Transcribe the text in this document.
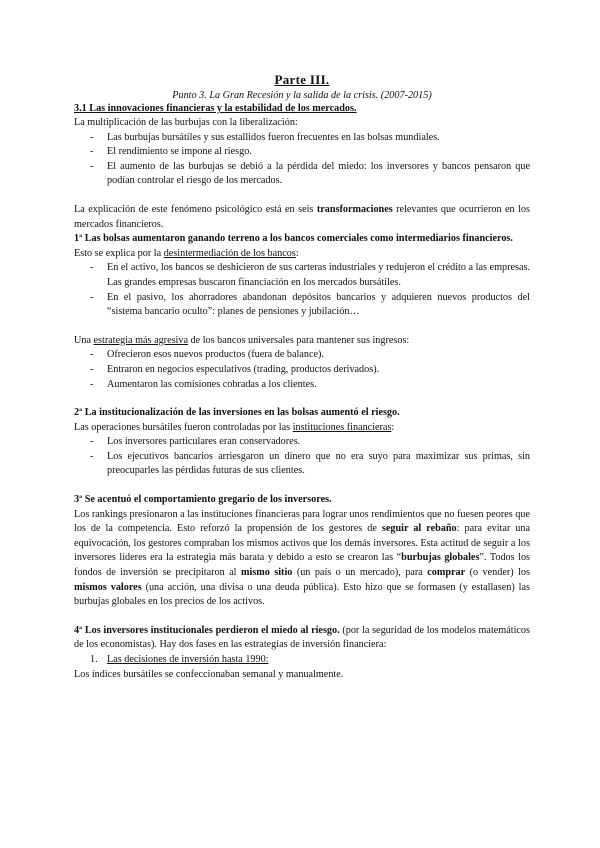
Parte III.
Punto 3. La Gran Recesión y la salida de la crisis. (2007-2015)
3.1 Las innovaciones financieras y la estabilidad de los mercados.

La multiplicación de las burbujas con la liberalización:

- Las burbujas bursátiles y sus estallidos fueron frecuentes en las bolsas mundiales.
- El rendimiento se impone al riesgo.
- El aumento de las burbujas se debió a la pérdida del miedo: los inversores y bancos pensaron que podían controlar el riesgo de los mercados.

La explicación de este fenómeno psicológico está en seis transformaciones relevantes que ocurrieron en los mercados financieros.

1ª Las bolsas aumentaron ganando terreno a los bancos comerciales como intermediarios financieros.

Esto se explica por la desintermediación de los bancos:

- En el activo, los bancos se deshicieron de sus carteras industriales y redujeron el crédito a las empresas. Las grandes empresas buscaron financiación en los mercados bursátiles.
- En el pasivo, los ahorradores abandonan depósitos bancarios y adquieren nuevos productos del “sistema bancario oculto”: planes de pensiones y jubilación…

Una estrategia más agresiva de los bancos universales para mantener sus ingresos:

- Ofrecieron esos nuevos productos (fuera de balance).
- Entraron en negocios especulativos (trading, productos derivados).
- Aumentaron las comisiones cobradas a los clientes.

2ª La institucionalización de las inversiones en las bolsas aumentó el riesgo.

Las operaciones bursátiles fueron controladas por las instituciones financieras:

- Los inversores particulares eran conservadores.
- Los ejecutivos bancarios arriesgaron un dinero que no era suyo para maximizar sus primas, sin preocuparles las pérdidas futuras de sus clientes.

3ª Se acentuó el comportamiento gregario de los inversores.

Los rankings presionaron a las instituciones financieras para lograr unos rendimientos que no fuesen peores que los de la competencia. Esto reforzó la propensión de los gestores de seguir al rebaño: para evitar una equivocación, los gestores compraban los mismos activos que los demás inversores. Esta actitud de seguir a los inversores líderes era la estrategia más barata y debido a esto se crearon las “burbujas globales”. Todos los fondos de inversión se precipitaron al mismo sitio (un país o un mercado), para comprar (o vender) los mismos valores (una acción, una divisa o una deuda pública). Esto hizo que se formasen (y estallasen) las burbujas globales en los precios de los activos.

4ª Los inversores institucionales perdieron el miedo al riesgo. (por la seguridad de los modelos matemáticos de los economistas). Hay dos fases en las estrategias de inversión financiera:

1. Las decisiones de inversión hasta 1990:

Los índices bursátiles se confeccionaban semanal y manualmente.
